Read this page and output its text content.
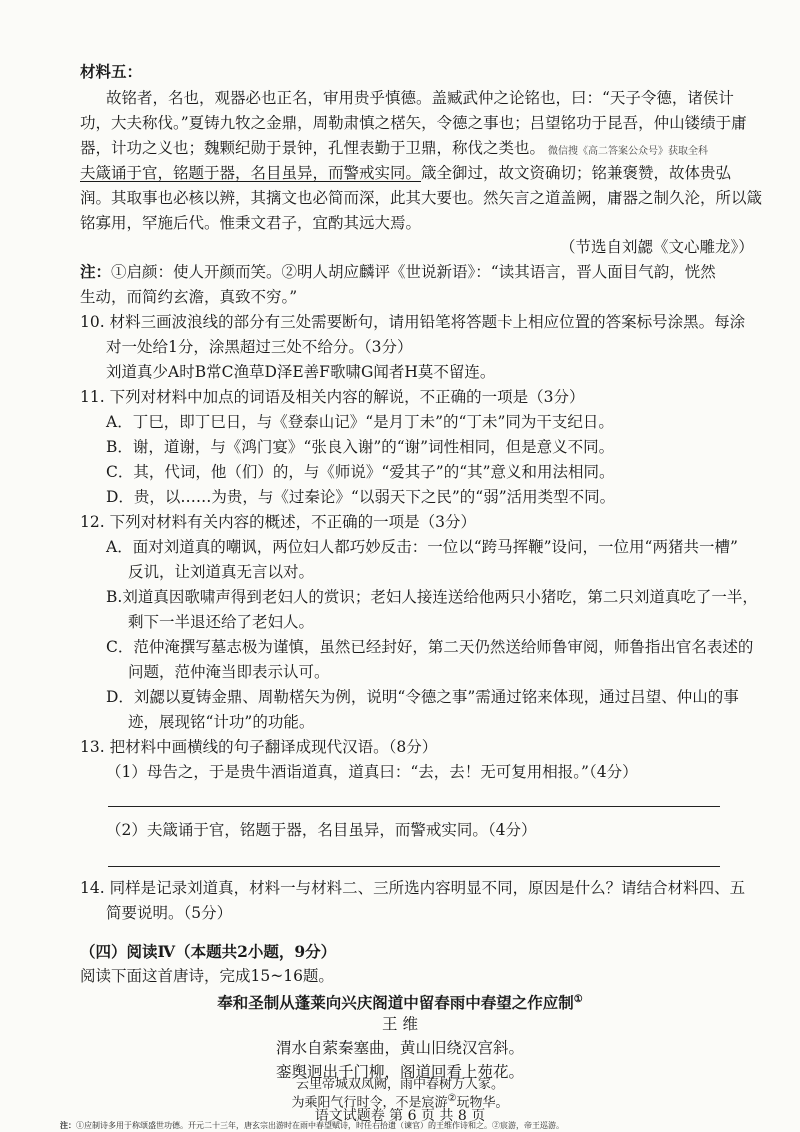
材料五：
故铭者，名也，观器必也正名，审用贵乎慎德。盖臧武仲之论铭也，曰：“天子令德，诸侯计
功，大夫称伐。”夏铸九牧之金鼎，周勒肃慎之楛矢，令德之事也；吕望铭功于昆吾，仲山镂绩于庸
器，计功之义也；魏颗纪勋于景钟，孔悝表勤于卫鼎，称伐之类也。 微信搜《高二答案公众号》获取全科
夫箴诵于官，铭题于器，名目虽异，而警戒实同。箴全御过，故文资确切；铭兼褒赞，故体贵弘
润。其取事也必核以辨，其摛文也必简而深，此其大要也。然矢言之道盖阙，庸器之制久沦，所以箴
铭寡用，罕施后代。惟秉文君子，宜酌其远大焉。
（节选自刘勰《文心雕龙》）
注：①启颜：使人开颜而笑。②明人胡应麟评《世说新语》：“读其语言，晋人面目气韵，恍然
生动，而简约玄澹，真致不穷。”
10. 材料三画波浪线的部分有三处需要断句，请用铅笔将答题卡上相应位置的答案标号涂黑。每涂
对一处给1分，涂黑超过三处不给分。（3分）
刘道真少A时B常C渔草D泽E善F歌啸G闻者H莫不留连。
11. 下列对材料中加点的词语及相关内容的解说，不正确的一项是（3分）
A．丁巳，即丁巳日，与《登泰山记》“是月丁未”的“丁未”同为干支纪日。
B．谢，道谢，与《鸿门宴》“张良入谢”的“谢”词性相同，但是意义不同。
C．其，代词，他（们）的，与《师说》“爱其子”的“其”意义和用法相同。
D．贵，以……为贵，与《过秦论》“以弱天下之民”的“弱”活用类型不同。
12. 下列对材料有关内容的概述，不正确的一项是（3分）
A．面对刘道真的嘲讽，两位妇人都巧妙反击：一位以“跨马挥鞭”设问，一位用“两猪共一槽”
反讥，让刘道真无言以对。
B.刘道真因歌啸声得到老妇人的赏识；老妇人接连送给他两只小猪吃，第二只刘道真吃了一半，
剩下一半退还给了老妇人。
C．范仲淹撰写墓志极为谨慎，虽然已经封好，第二天仍然送给师鲁审阅，师鲁指出官名表述的
问题，范仲淹当即表示认可。
D．刘勰以夏铸金鼎、周勒楛矢为例，说明“令德之事”需通过铭来体现，通过吕望、仲山的事
迹，展现铭“计功”的功能。
13. 把材料中画横线的句子翻译成现代汉语。（8分）
（1）母告之，于是贵牛酒诣道真，道真曰：“去，去！无可复用相报。”（4分）
（2）夫箴诵于官，铭题于器，名目虽异，而警戒实同。（4分）
14. 同样是记录刘道真，材料一与材料二、三所选内容明显不同，原因是什么？请结合材料四、五
简要说明。（5分）
（四）阅读Ⅳ（本题共2小题，9分）
阅读下面这首唐诗，完成15~16题。
奉和圣制从蓬莱向兴庆阁道中留春雨中春望之作应制①
王 维
渭水自萦秦塞曲，黄山旧绕汉宫斜。
銮舆迥出千门柳，阁道回看上苑花。
语文试题卷 第 6 页 共 8 页
云里帝城双凤阙，雨中春树万人家。
为乘阳气行时令，不是宸游②玩物华。
注：①应制诗多用于称颂盛世功德。开元二十三年，唐玄宗出游时在雨中春望赋诗，时任右拾遗（谏官）的王维作诗和之。②宸游，帝王巡游。
